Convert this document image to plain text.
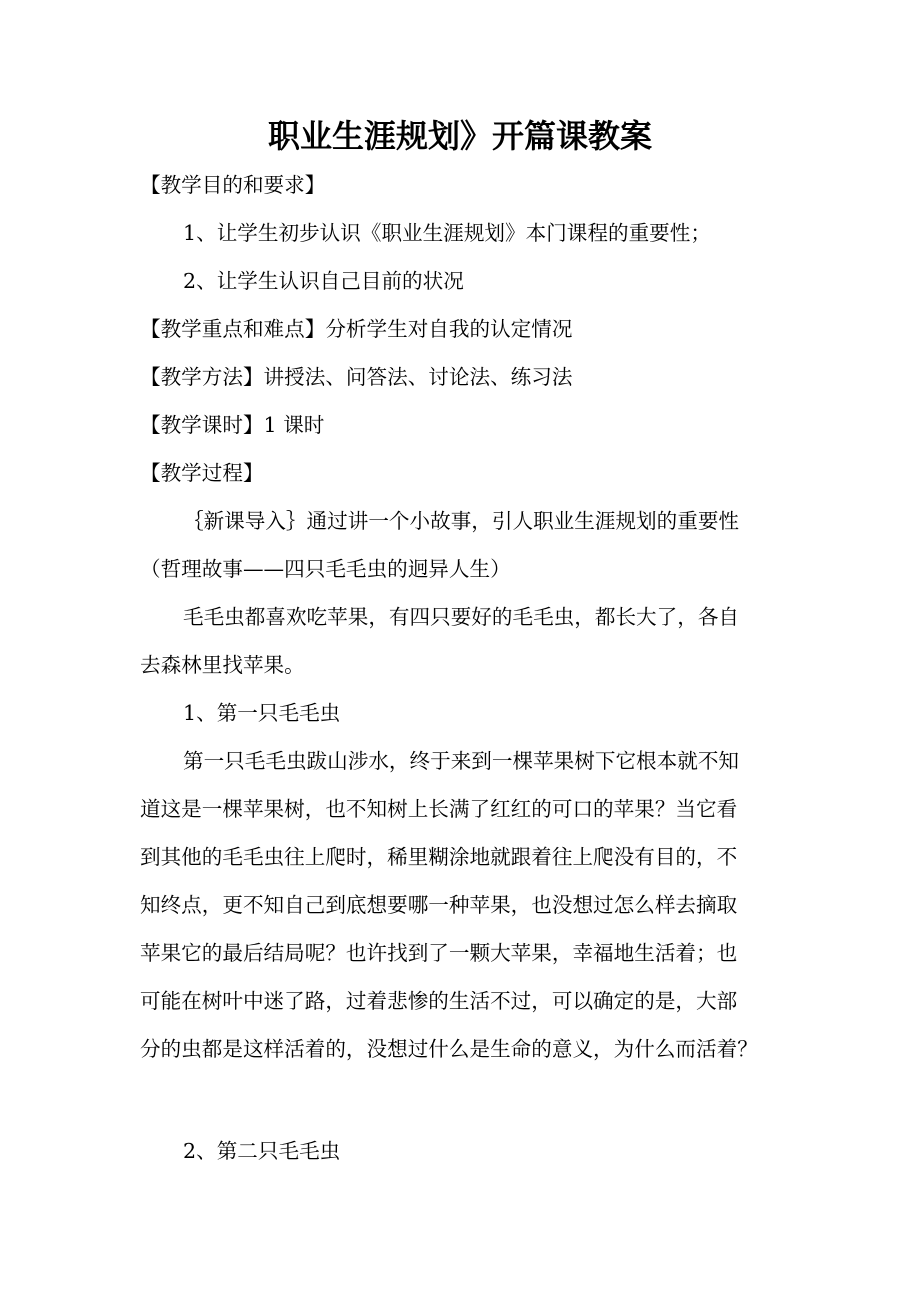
职业生涯规划》开篇课教案
【教学目的和要求】
1、让学生初步认识《职业生涯规划》本门课程的重要性；
2、让学生认识自己目前的状况
【教学重点和难点】分析学生对自我的认定情况
【教学方法】讲授法、问答法、讨论法、练习法
【教学课时】1 课时
【教学过程】
｛新课导入｝通过讲一个小故事，引人职业生涯规划的重要性
（哲理故事——四只毛毛虫的迥异人生）
毛毛虫都喜欢吃苹果，有四只要好的毛毛虫，都长大了，各自
去森林里找苹果。
1、第一只毛毛虫
第一只毛毛虫跋山涉水，终于来到一棵苹果树下它根本就不知
道这是一棵苹果树，也不知树上长满了红红的可口的苹果？当它看
到其他的毛毛虫往上爬时，稀里糊涂地就跟着往上爬没有目的，不
知终点，更不知自己到底想要哪一种苹果，也没想过怎么样去摘取
苹果它的最后结局呢？也许找到了一颗大苹果，幸福地生活着；也
可能在树叶中迷了路，过着悲惨的生活不过，可以确定的是，大部
分的虫都是这样活着的，没想过什么是生命的意义，为什么而活着？
2、第二只毛毛虫
